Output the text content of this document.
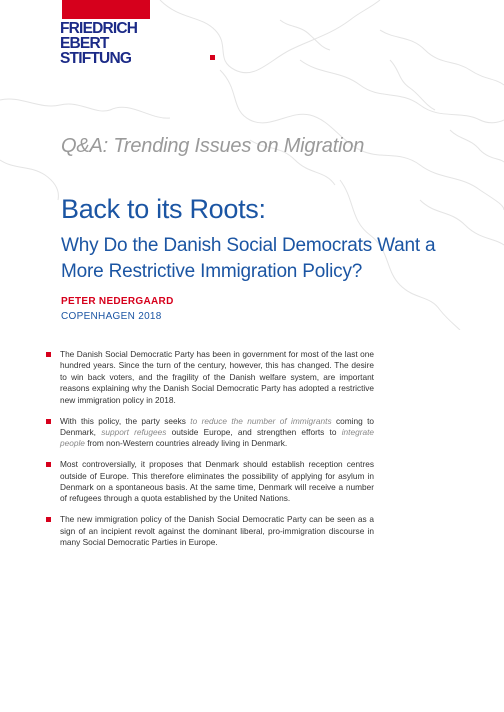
FRIEDRICH
EBERT
STIFTUNG
Q&A: Trending Issues on Migration
Back to its Roots:
Why Do the Danish Social Democrats Want a More Restrictive Immigration Policy?
PETER NEDERGAARD
COPENHAGEN 2018
The Danish Social Democratic Party has been in government for most of the last one hundred years. Since the turn of the century, however, this has changed. The desire to win back voters, and the fragility of the Danish welfare system, are important reasons explaining why the Danish Social Democratic Party has adopted a restrictive new immigration policy in 2018.
With this policy, the party seeks to reduce the number of immigrants coming to Denmark, support refugees outside Europe, and strengthen efforts to integrate people from non-Western countries already living in Denmark.
Most controversially, it proposes that Denmark should establish reception centres outside of Europe. This therefore eliminates the possibility of applying for asylum in Denmark on a spontaneous basis. At the same time, Denmark will receive a number of refugees through a quota established by the United Nations.
The new immigration policy of the Danish Social Democratic Party can be seen as a sign of an incipient revolt against the dominant liberal, pro-immigration discourse in many Social Democratic Parties in Europe.
